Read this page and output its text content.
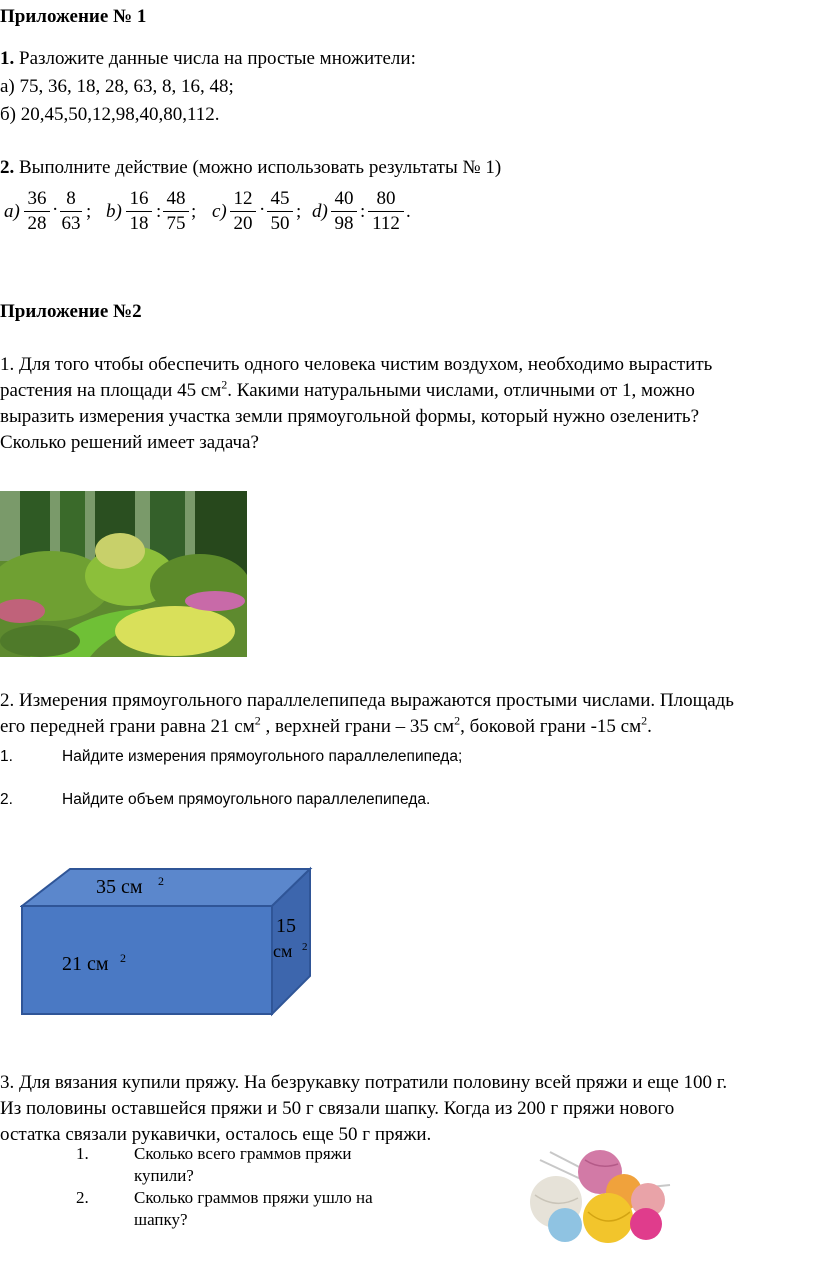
Приложение № 1
1. Разложите данные числа на простые множители:
а) 75, 36, 18, 28, 63, 8, 16, 48;
б) 20,45,50,12,98,40,80,112.
2. Выполните действие (можно использовать результаты № 1)
a)
36
28
·
8
63
; b)
16
18
:
48
75
; c)
12
20
·
45
50
; d)
40
98
:
80
112
.
Приложение №2
1. Для того чтобы обеспечить одного человека чистим воздухом, необходимо вырастить
растения на площади 45 $см^2$. Какими натуральными числами, отличными от 1, можно
выразить измерения участка земли прямоугольной формы, который нужно озеленить?
Сколько решений имеет задача?
2. Измерения прямоугольного параллелепипеда выражаются простыми числами. Площадь
его передней грани равна 21 $см^2$ , верхней грани – 35 $см^2$, боковой грани -15 $см^2$.
1.	Найдите измерения прямоугольного параллелепипеда;
2.	Найдите объем прямоугольного параллелепипеда.
35 см 2
21 см 2
15
см 2
3. Для вязания купили пряжу. На безрукавку потратили половину всей пряжи и еще 100 г.
Из половины оставшейся пряжи и 50 г связали шапку. Когда из 200 г пряжи нового
остатка связали рукавички, осталось еще 50 г пряжи.
1.	Сколько всего граммов пряжи
купили?
2.	Сколько граммов пряжи ушло на
шапку?
